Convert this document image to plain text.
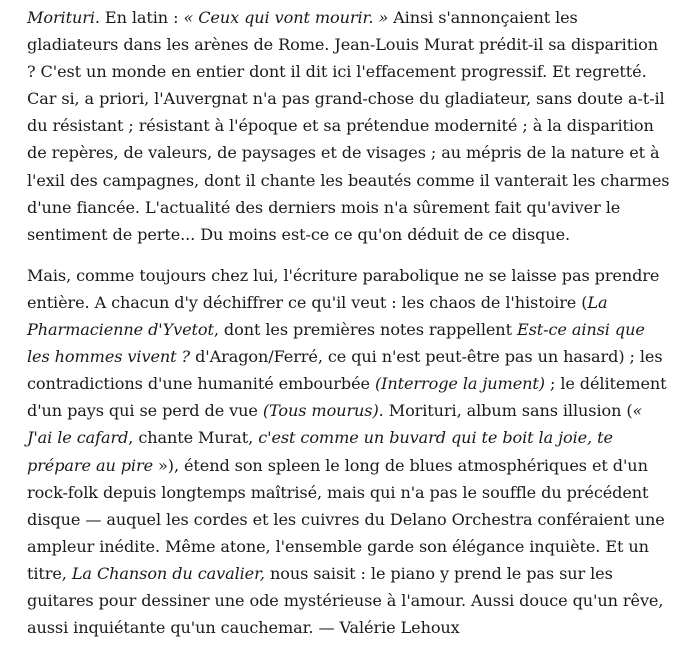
Morituri. En latin : « Ceux qui vont mourir. » Ainsi s'annonçaient les gladiateurs dans les arènes de Rome. Jean-Louis Murat prédit-il sa disparition ? C'est un monde en entier dont il dit ici l'effacement progressif. Et regretté. Car si, a priori, l'Auvergnat n'a pas grand-chose du gladiateur, sans doute a-t-il du résistant ; résistant à l'époque et sa prétendue modernité ; à la disparition de repères, de valeurs, de paysages et de visages ; au mépris de la nature et à l'exil des campagnes, dont il chante les beautés comme il vanterait les charmes d'une fiancée. L'actualité des derniers mois n'a sûrement fait qu'aviver le sentiment de perte... Du moins est-ce ce qu'on déduit de ce disque.

Mais, comme toujours chez lui, l'écriture parabolique ne se laisse pas prendre entière. A chacun d'y déchiffrer ce qu'il veut : les chaos de l'histoire (La Pharmacienne d'Yvetot, dont les premières notes rappellent Est-ce ainsi que les hommes vivent ? d'Aragon/Ferré, ce qui n'est peut-être pas un hasard) ; les contradictions d'une humanité embourbée (Interroge la jument) ; le délitement d'un pays qui se perd de vue (Tous mourus). Morituri, album sans illusion (« J'ai le cafard, chante Murat, c'est comme un buvard qui te boit la joie, te prépare au pire »), étend son spleen le long de blues atmosphériques et d'un rock-folk depuis longtemps maîtrisé, mais qui n'a pas le souffle du précédent disque — auquel les cordes et les cuivres du Delano Orchestra conféraient une ampleur inédite. Même atone, l'ensemble garde son élégance inquiète. Et un titre, La Chanson du cavalier, nous saisit : le piano y prend le pas sur les guitares pour dessiner une ode mystérieuse à l'amour. Aussi douce qu'un rêve, aussi inquiétante qu'un cauchemar. — Valérie Lehoux
